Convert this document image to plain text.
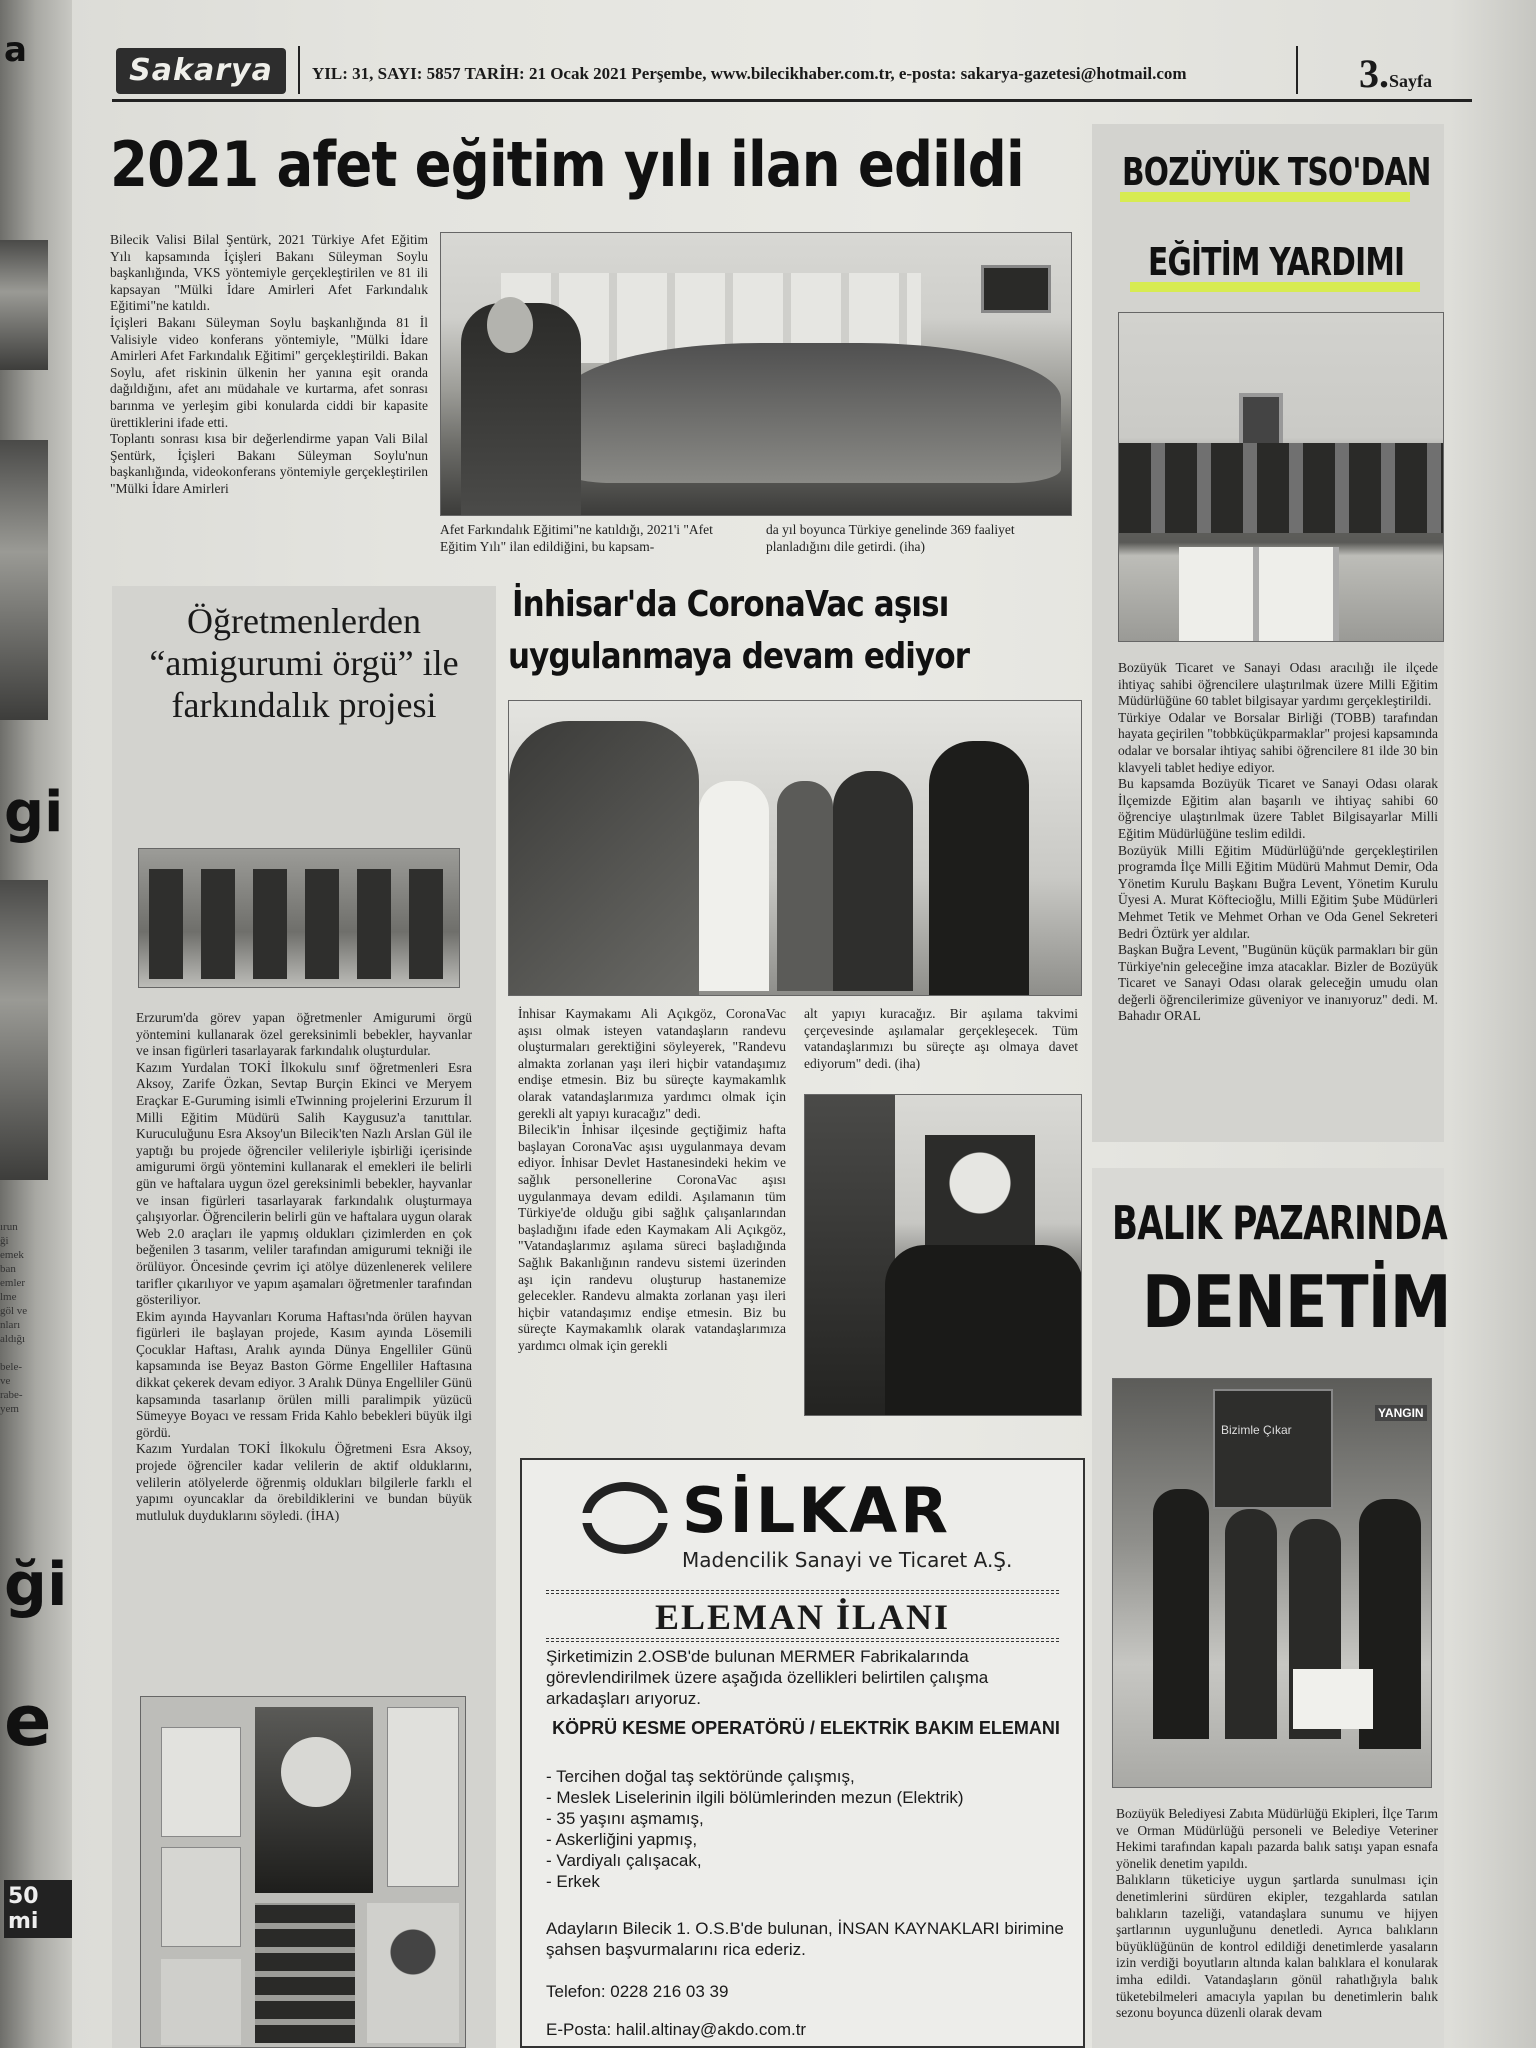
a
gi
ırun
ği
emek
ban
emler
lme
göl ve
nları
aldığı

bele-
ve
rabe-
yem
ği
e
50 mi
Sakarya	YIL: 31, SAYI: 5857 TARİH: 21 Ocak 2021 Perşembe, www.bilecikhaber.com.tr, e-posta: sakarya-gazetesi@hotmail.com	3.Sayfa
2021 afet eğitim yılı ilan edildi
Bilecik Valisi Bilal Şentürk, 2021 Türkiye Afet Eğitim Yılı kapsamında İçişleri Bakanı Süleyman Soylu başkanlığında, VKS yöntemiyle gerçekleştirilen ve 81 ili kapsayan "Mülki İdare Amirleri Afet Farkındalık Eğitimi"ne katıldı.
İçişleri Bakanı Süleyman Soylu başkanlığında 81 İl Valisiyle video konferans yöntemiyle, "Mülki İdare Amirleri Afet Farkındalık Eğitimi" gerçekleştirildi. Bakan Soylu, afet riskinin ülkenin her yanına eşit oranda dağıldığını, afet anı müdahale ve kurtarma, afet sonrası barınma ve yerleşim gibi konularda ciddi bir kapasite ürettiklerini ifade etti.
Toplantı sonrası kısa bir değerlendirme yapan Vali Bilal Şentürk, İçişleri Bakanı Süleyman Soylu'nun başkanlığında, videokonferans yöntemiyle gerçekleştirilen "Mülki İdare Amirleri
Afet Farkındalık Eğitimi"ne katıldığı, 2021'i "Afet Eğitim Yılı" ilan edildiğini, bu kapsam-
da yıl boyunca Türkiye genelinde 369 faaliyet planladığını dile getirdi. (iha)
BOZÜYÜK TSO'DAN
EĞİTİM YARDIMI
Bozüyük Ticaret ve Sanayi Odası aracılığı ile ilçede ihtiyaç sahibi öğrencilere ulaştırılmak üzere Milli Eğitim Müdürlüğüne 60 tablet bilgisayar yardımı gerçekleştirildi.
Türkiye Odalar ve Borsalar Birliği (TOBB) tarafından hayata geçirilen "tobbküçükparmaklar" projesi kapsamında odalar ve borsalar ihtiyaç sahibi öğrencilere 81 ilde 30 bin klavyeli tablet hediye ediyor.
Bu kapsamda Bozüyük Ticaret ve Sanayi Odası olarak İlçemizde Eğitim alan başarılı ve ihtiyaç sahibi 60 öğrenciye ulaştırılmak üzere Tablet Bilgisayarlar Milli Eğitim Müdürlüğüne teslim edildi.
Bozüyük Milli Eğitim Müdürlüğü'nde gerçekleştirilen programda İlçe Milli Eğitim Müdürü Mahmut Demir, Oda Yönetim Kurulu Başkanı Buğra Levent, Yönetim Kurulu Üyesi A. Murat Köftecioğlu, Milli Eğitim Şube Müdürleri Mehmet Tetik ve Mehmet Orhan ve Oda Genel Sekreteri Bedri Öztürk yer aldılar.
Başkan Buğra Levent, "Bugünün küçük parmakları bir gün Türkiye'nin geleceğine imza atacaklar. Bizler de Bozüyük Ticaret ve Sanayi Odası olarak geleceğin umudu olan değerli öğrencilerimize güveniyor ve inanıyoruz" dedi. M. Bahadır ORAL
Öğretmenlerden “amigurumi örgü” ile farkındalık projesi
Erzurum'da görev yapan öğretmenler Amigurumi örgü yöntemini kullanarak özel gereksinimli bebekler, hayvanlar ve insan figürleri tasarlayarak farkındalık oluşturdular.
Kazım Yurdalan TOKİ İlkokulu sınıf öğretmenleri Esra Aksoy, Zarife Özkan, Sevtap Burçin Ekinci ve Meryem Eraçkar E-Guruming isimli eTwinning projelerini Erzurum İl Milli Eğitim Müdürü Salih Kaygusuz'a tanıttılar. Kuruculuğunu Esra Aksoy'un Bilecik'ten Nazlı Arslan Gül ile yaptığı bu projede öğrenciler velileriyle işbirliği içerisinde amigurumi örgü yöntemini kullanarak el emekleri ile belirli gün ve haftalara uygun özel gereksinimli bebekler, hayvanlar ve insan figürleri tasarlayarak farkındalık oluşturmaya çalışıyorlar. Öğrencilerin belirli gün ve haftalara uygun olarak Web 2.0 araçları ile yapmış oldukları çizimlerden en çok beğenilen 3 tasarım, veliler tarafından amigurumi tekniği ile örülüyor. Öncesinde çevrim içi atölye düzenlenerek velilere tarifler çıkarılıyor ve yapım aşamaları öğretmenler tarafından gösteriliyor.
Ekim ayında Hayvanları Koruma Haftası'nda örülen hayvan figürleri ile başlayan projede, Kasım ayında Lösemili Çocuklar Haftası, Aralık ayında Dünya Engelliler Günü kapsamında ise Beyaz Baston Görme Engelliler Haftasına dikkat çekerek devam ediyor. 3 Aralık Dünya Engelliler Günü kapsamında tasarlanıp örülen milli paralimpik yüzücü Sümeyye Boyacı ve ressam Frida Kahlo bebekleri büyük ilgi gördü.
Kazım Yurdalan TOKİ İlkokulu Öğretmeni Esra Aksoy, projede öğrenciler kadar velilerin de aktif olduklarını, velilerin atölyelerde öğrenmiş oldukları bilgilerle farklı el yapımı oyuncaklar da örebildiklerini ve bundan büyük mutluluk duyduklarını söyledi. (İHA)
İnhisar'da CoronaVac aşısı
uygulanmaya devam ediyor
İnhisar Kaymakamı Ali Açıkgöz, CoronaVac aşısı olmak isteyen vatandaşların randevu oluşturmaları gerektiğini söyleyerek, "Randevu almakta zorlanan yaşı ileri hiçbir vatandaşımız endişe etmesin. Biz bu süreçte kaymakamlık olarak vatandaşlarımıza yardımcı olmak için gerekli alt yapıyı kuracağız" dedi.
Bilecik'in İnhisar ilçesinde geçtiğimiz hafta başlayan CoronaVac aşısı uygulanmaya devam ediyor. İnhisar Devlet Hastanesindeki hekim ve sağlık personellerine CoronaVac aşısı uygulanmaya devam edildi. Aşılamanın tüm Türkiye'de olduğu gibi sağlık çalışanlarından başladığını ifade eden Kaymakam Ali Açıkgöz, "Vatandaşlarımız aşılama süreci başladığında Sağlık Bakanlığının randevu sistemi üzerinden aşı için randevu oluşturup hastanemize gelecekler. Randevu almakta zorlanan yaşı ileri hiçbir vatandaşımız endişe etmesin. Biz bu süreçte Kaymakamlık olarak vatandaşlarımıza yardımcı olmak için gerekli
alt yapıyı kuracağız. Bir aşılama takvimi çerçevesinde aşılamalar gerçekleşecek. Tüm vatandaşlarımızı bu süreçte aşı olmaya davet ediyorum" dedi. (iha)
BALIK PAZARINDA
DENETİM
Bizimle Çıkar
YANGIN
Bozüyük Belediyesi Zabıta Müdürlüğü Ekipleri, İlçe Tarım ve Orman Müdürlüğü personeli ve Belediye Veteriner Hekimi tarafından kapalı pazarda balık satışı yapan esnafa yönelik denetim yapıldı.
Balıkların tüketiciye uygun şartlarda sunulması için denetimlerini sürdüren ekipler, tezgahlarda satılan balıkların tazeliği, vatandaşlara sunumu ve hijyen şartlarının uygunluğunu denetledi. Ayrıca balıkların büyüklüğünün de kontrol edildiği denetimlerde yasaların izin verdiği boyutların altında kalan balıklara el konularak imha edildi. Vatandaşların gönül rahatlığıyla balık tüketebilmeleri amacıyla yapılan bu denetimlerin balık sezonu boyunca düzenli olarak devam
SİLKAR
Madencilik Sanayi ve Ticaret A.Ş.
ELEMAN İLANI
Şirketimizin 2.OSB'de bulunan MERMER Fabrikalarında görevlendirilmek üzere aşağıda özellikleri belirtilen çalışma arkadaşları arıyoruz.
KÖPRÜ KESME OPERATÖRÜ / ELEKTRİK BAKIM ELEMANI
- Tercihen doğal taş sektöründe çalışmış,
- Meslek Liselerinin ilgili bölümlerinden mezun (Elektrik)
- 35 yaşını aşmamış,
- Askerliğini yapmış,
- Vardiyalı çalışacak,
- Erkek
Adayların Bilecik 1. O.S.B'de bulunan, İNSAN KAYNAKLARI birimine şahsen başvurmalarını rica ederiz.
Telefon: 0228 216 03 39
E-Posta: halil.altinay@akdo.com.tr
